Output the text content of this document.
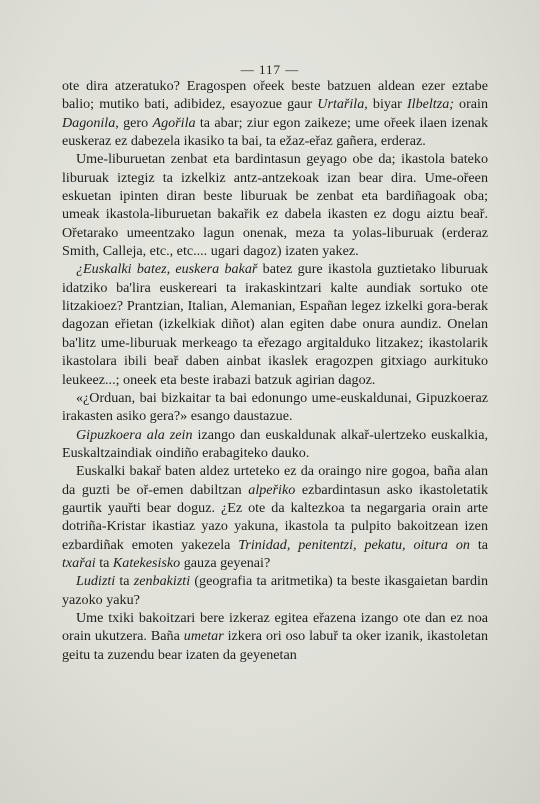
— 117 —

ote dira atzeratuko? Eragospen ořeek beste batzuen aldean ezer eztabe balio; mutiko bati, adibidez, esayozue gaur Urtařila, biyar Ilbeltza; orain Dagonila, gero Agořila ta abar; ziur egon zaikeze; ume ořeek ilaen izenak euskeraz ez dabezela ikasiko ta bai, ta ežaz-eřaz gañera, erderaz.

Ume-liburuetan zenbat eta bardintasun geyago obe da; ikastola bateko liburuak iztegiz ta izkelkiz antz-antzekoak izan bear dira. Ume-ořeen eskuetan ipinten diran beste liburuak be zenbat eta bardiñagoak oba; umeak ikastola-liburuetan bakařik ez dabela ikasten ez dogu aiztu beař. Ořetarako umeentzako lagun onenak, meza ta yolas-liburuak (erderaz Smith, Calleja, etc., etc.... ugari dagoz) izaten yakez.

¿Euskalki batez, euskera bakař batez gure ikastola guztietako liburuak idatziko ba'lira euskereari ta irakaskintzari kalte aundiak sortuko ote litzakioez? Prantzian, Italian, Alemanian, Españan legez izkelki gora-berak dagozan eřietan (izkelkiak diñot) alan egiten dabe onura aundiz. Onelan ba'litz ume-liburuak merkeago ta eřezago argitalduko litzakez; ikastolarik ikastolara ibili beař daben ainbat ikaslek eragozpen gitxiago aurkituko leukeez...; oneek eta beste irabazi batzuk agirian dagoz.

«¿Orduan, bai bizkaitar ta bai edonungo ume-euskaldunai, Gipuzkoeraz irakasten asiko gera?» esango daustazue.

Gipuzkoera ala zein izango dan euskaldunak alkař-ulertzeko euskalkia, Euskaltzaindiak oindiño erabagiteko dauko.

Euskalki bakař baten aldez urteteko ez da oraingo nire gogoa, baña alan da guzti be oř-emen dabiltzan alpeřiko ezbardintasun asko ikastoletatik gaurtik yauřti bear doguz. ¿Ez ote da kaltezkoa ta negargaria orain arte dotriña-Kristar ikastiaz yazo yakuna, ikastola ta pulpito bakoitzean izen ezbardiñak emoten yakezela Trinidad, penitentzi, pekatu, oitura on ta txařai ta Katekesisko gauza geyenai?

Ludizti ta zenbakizti (geografia ta aritmetika) ta beste ikasgaietan bardin yazoko yaku?

Ume txiki bakoitzari bere izkeraz egitea eřazena izango ote dan ez noa orain ukutzera. Baña umetar izkera ori oso labuř ta oker izanik, ikastoletan geitu ta zuzendu bear izaten da geyenetan
